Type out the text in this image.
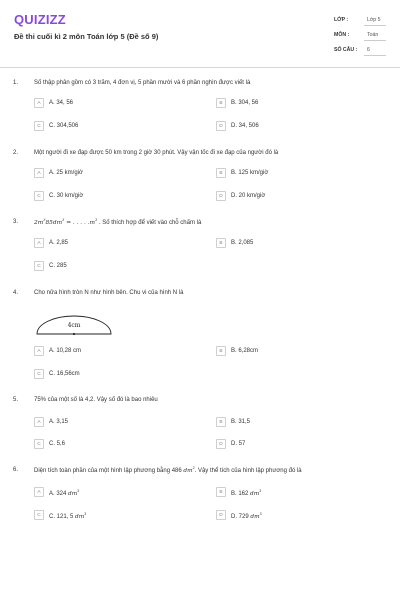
QUIZIZZ
Đề thi cuối kì 2 môn Toán lớp 5 (Đề số 9)
LỚP :	Lớp 5
MÔN :	Toán
SỐ CÂU :	6
1.	Số thập phân gồm có 3 trăm, 4 đơn vị, 5 phần mười và 6 phần nghìn được viết là
A	A. 34, 56	B	B. 304, 56
C	C. 304,506	D	D. 34, 506
2.	Một người đi xe đạp được 50 km trong 2 giờ 30 phút. Vậy vận tốc đi xe đạp của người đó là
A	A. 25 km/giờ	B	B. 125 km/giờ
C	C. 30 km/giờ	D	D. 20 km/giờ
3.	$2m^385dm^3$ = . . . . $.m^3$ . Số thích hợp để viết vào chỗ chấm là
A	A. 2,85	B	B. 2,085
C	C. 285
4.	Cho nửa hình tròn N như hình bên. Chu vi của hình N là
4cm
A	A. 10,28 cm	B	B. 6,28cm
C	C. 16,56cm
5.	75% của một số là 4,2. Vậy số đó là bao nhiêu
A	A. 3,15	B	B. 31,5
C	C. 5,6	D	D. 57
6.	Diện tích toàn phần của một hình lập phương bằng 486 $dm^2$. Vậy thể tích của hình lập phương đó là
A	A. 324 $dm^3$	B	B. 162 $dm^3$
C	C. 121, 5 $dm^3$	D	D. 729 $dm^3$
